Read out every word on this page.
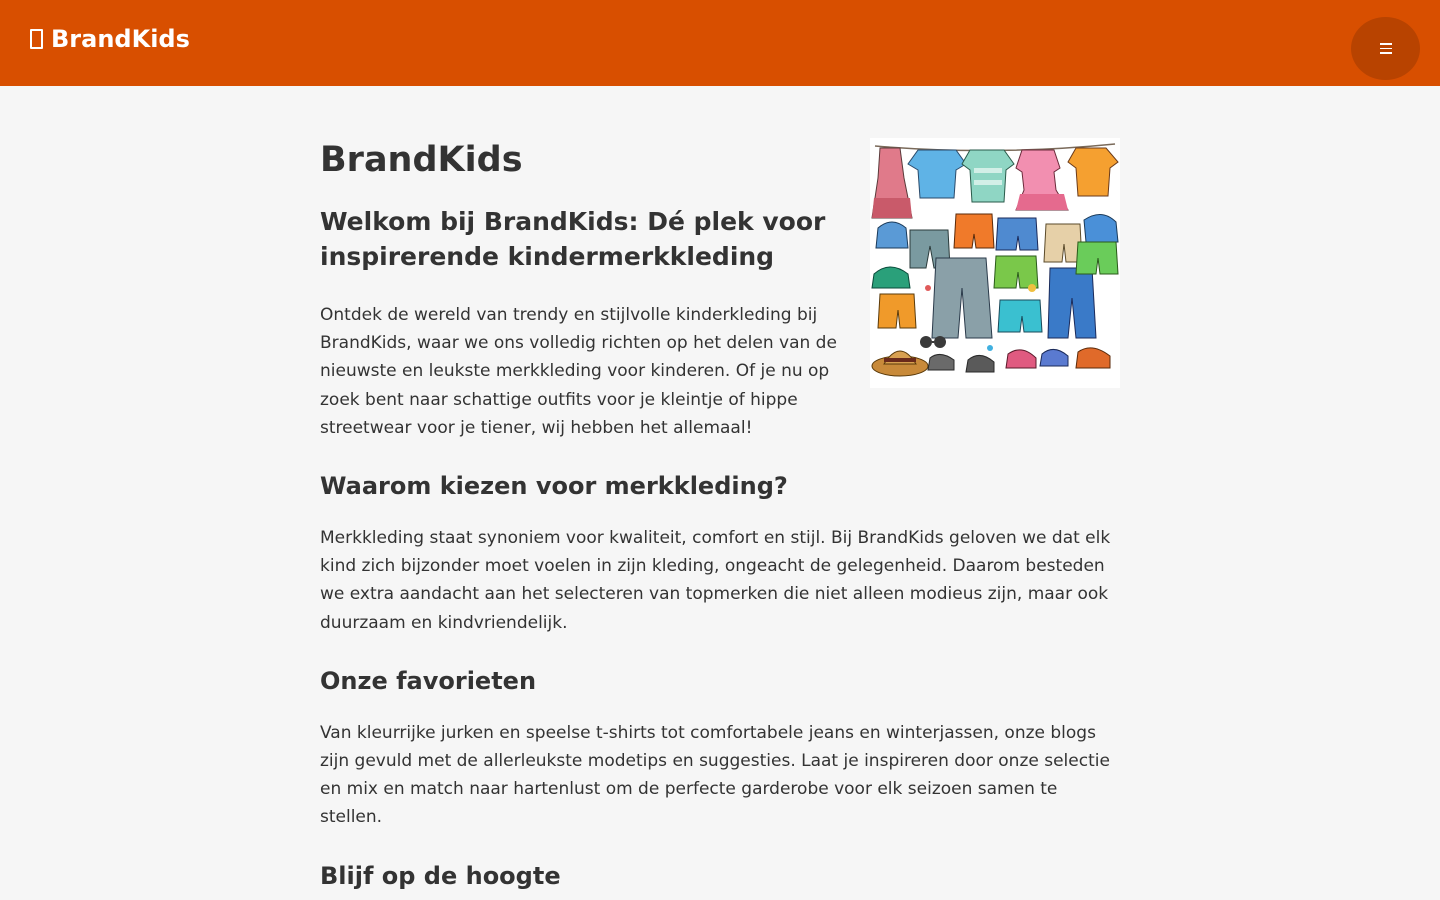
BrandKids
BrandKids
Welkom bij BrandKids: Dé plek voor inspirerende kindermerkkleding

Ontdek de wereld van trendy en stijlvolle kinderkleding bij BrandKids, waar we ons volledig richten op het delen van de nieuwste en leukste merkkleding voor kinderen. Of je nu op zoek bent naar schattige outfits voor je kleintje of hippe streetwear voor je tiener, wij hebben het allemaal!

Waarom kiezen voor merkkleding?

Merkkleding staat synoniem voor kwaliteit, comfort en stijl. Bij BrandKids geloven we dat elk kind zich bijzonder moet voelen in zijn kleding, ongeacht de gelegenheid. Daarom besteden we extra aandacht aan het selecteren van topmerken die niet alleen modieus zijn, maar ook duurzaam en kindvriendelijk.

Onze favorieten

Van kleurrijke jurken en speelse t-shirts tot comfortabele jeans en winterjassen, onze blogs zijn gevuld met de allerleukste modetips en suggesties. Laat je inspireren door onze selectie en mix en match naar hartenlust om de perfecte garderobe voor elk seizoen samen te stellen.

Blijf op de hoogte
